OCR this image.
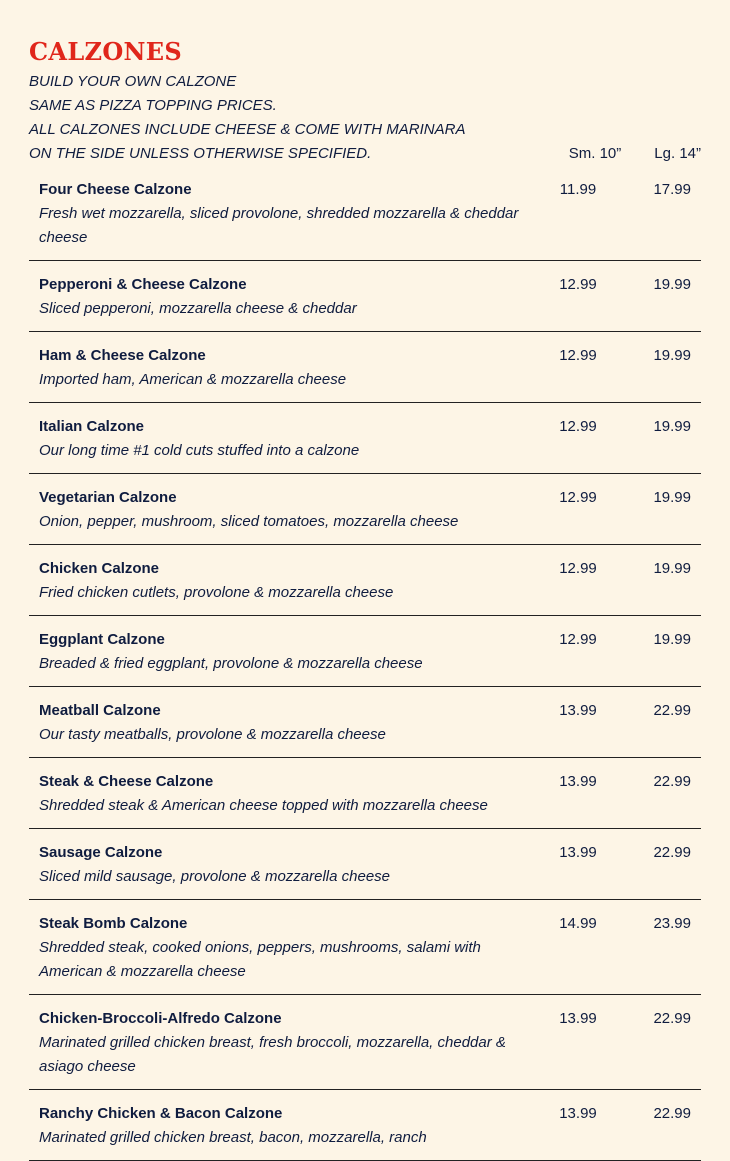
CALZONES

BUILD YOUR OWN CALZONE

SAME AS PIZZA TOPPING PRICES.

ALL CALZONES INCLUDE CHEESE & COME WITH MARINARA

ON THE SIDE UNLESS OTHERWISE SPECIFIED.	Sm. 10”	Lg. 14”
Four Cheese Calzone
Fresh wet mozzarella, sliced provolone, shredded mozzarella & cheddar cheese
11.99	17.99
Pepperoni & Cheese Calzone
Sliced pepperoni, mozzarella cheese & cheddar
12.99	19.99
Ham & Cheese Calzone
Imported ham, American & mozzarella cheese
12.99	19.99
Italian Calzone
Our long time #1 cold cuts stuffed into a calzone
12.99	19.99
Vegetarian Calzone
Onion, pepper, mushroom, sliced tomatoes, mozzarella cheese
12.99	19.99
Chicken Calzone
Fried chicken cutlets, provolone & mozzarella cheese
12.99	19.99
Eggplant Calzone
Breaded & fried eggplant, provolone & mozzarella cheese
12.99	19.99
Meatball Calzone
Our tasty meatballs, provolone & mozzarella cheese
13.99	22.99
Steak & Cheese Calzone
Shredded steak & American cheese topped with mozzarella cheese
13.99	22.99
Sausage Calzone
Sliced mild sausage, provolone & mozzarella cheese
13.99	22.99
Steak Bomb Calzone
Shredded steak, cooked onions, peppers, mushrooms, salami with American & mozzarella cheese
14.99	23.99
Chicken-Broccoli-Alfredo Calzone
Marinated grilled chicken breast, fresh broccoli, mozzarella, cheddar & asiago cheese
13.99	22.99
Ranchy Chicken & Bacon Calzone
Marinated grilled chicken breast, bacon, mozzarella, ranch
13.99	22.99
